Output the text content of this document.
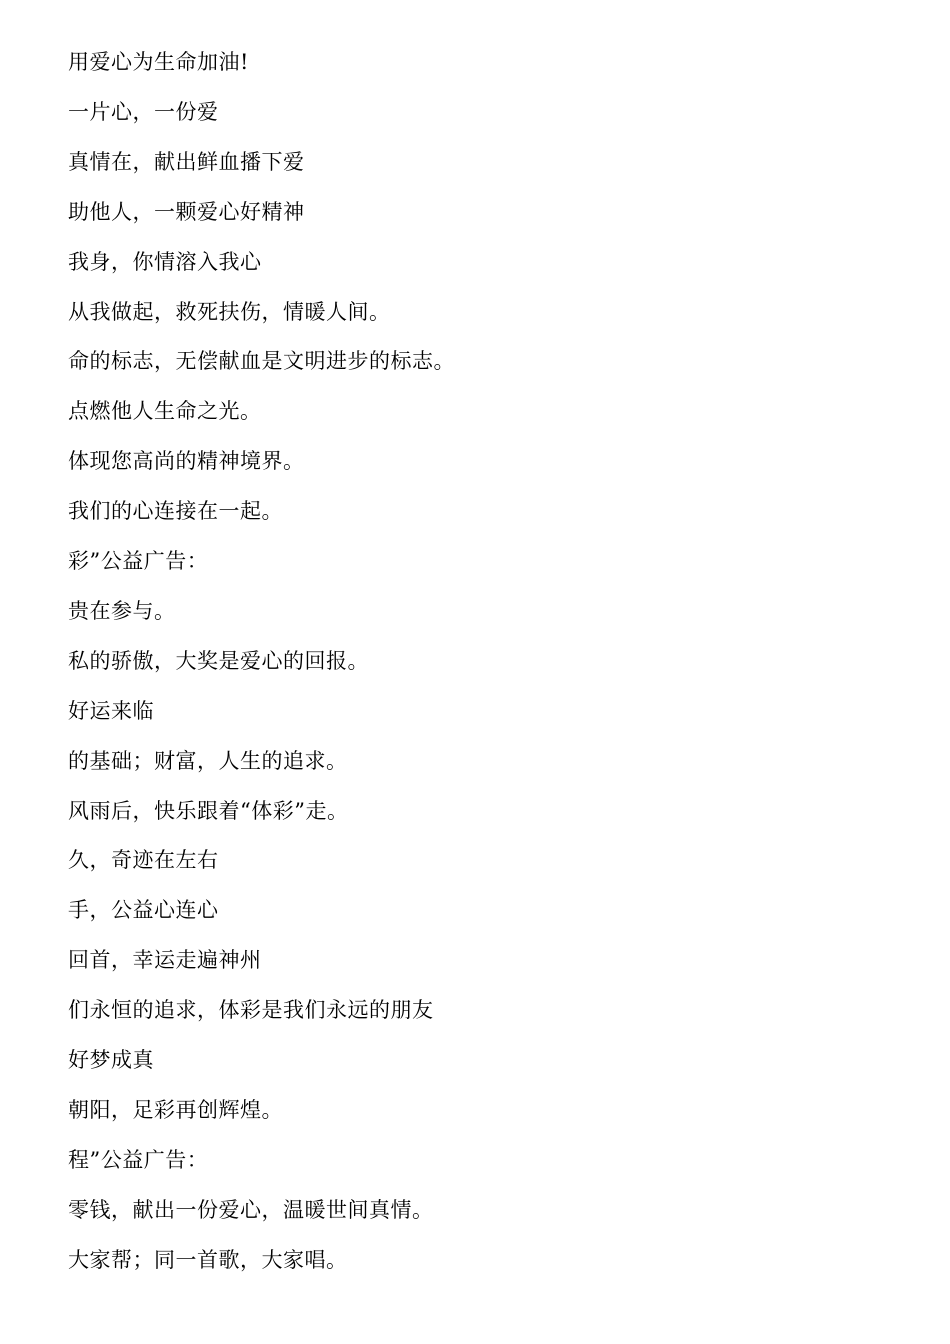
用爱心为生命加油!
一片心，一份爱
真情在，献出鲜血播下爱
助他人，一颗爱心好精神
我身，你情溶入我心
从我做起，救死扶伤，情暖人间。
命的标志，无偿献血是文明进步的标志。
点燃他人生命之光。
体现您高尚的精神境界。
我们的心连接在一起。
彩”公益广告：
贵在参与。
私的骄傲，大奖是爱心的回报。
好运来临
的基础；财富，人生的追求。
风雨后，快乐跟着“体彩”走。
久，奇迹在左右
手，公益心连心
回首，幸运走遍神州
们永恒的追求，体彩是我们永远的朋友
好梦成真
朝阳，足彩再创辉煌。
程”公益广告：
零钱，献出一份爱心，温暖世间真情。
大家帮；同一首歌，大家唱。
